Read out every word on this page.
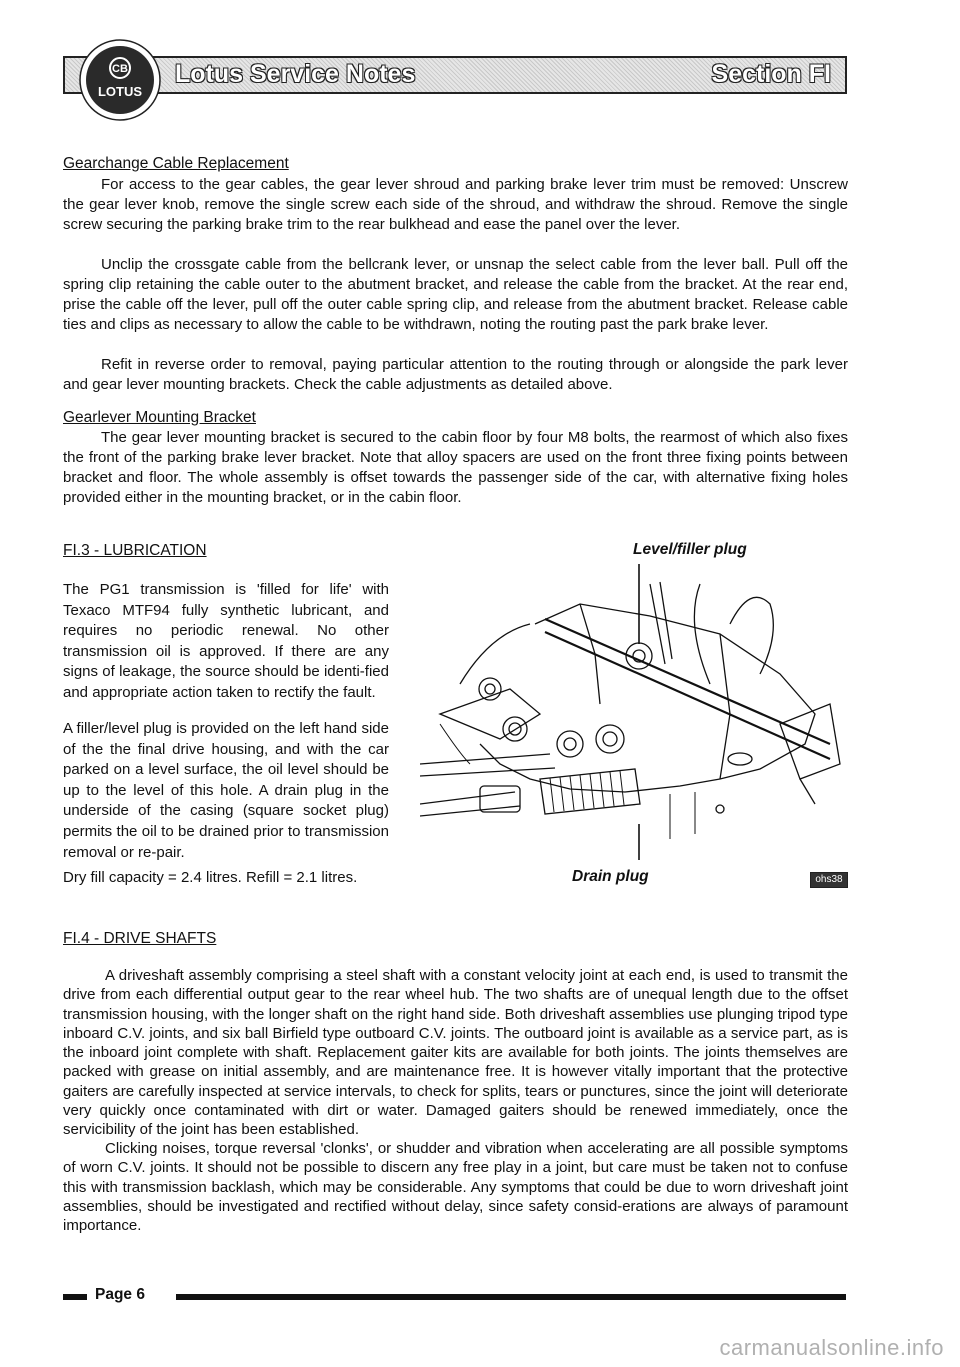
Lotus Service Notes	Section FI
CB
LOTUS
Gearchange Cable Replacement

For access to the gear cables, the gear lever shroud and parking brake lever trim must be removed: Unscrew the gear lever knob, remove the single screw each side of the shroud, and withdraw the shroud. Remove the single screw securing the parking brake trim to the rear bulkhead and ease the panel over the lever.

Unclip the crossgate cable from the bellcrank lever, or unsnap the select cable from the lever ball. Pull off the spring clip retaining the cable outer to the abutment bracket, and release the cable from the bracket. At the rear end, prise the cable off the lever, pull off the outer cable spring clip, and release from the abutment bracket. Release cable ties and clips as necessary to allow the cable to be withdrawn, noting the routing past the park brake lever.

Refit in reverse order to removal, paying particular attention to the routing through or alongside the park lever and gear lever mounting brackets. Check the cable adjustments as detailed above.

Gearlever Mounting Bracket

The gear lever mounting bracket is secured to the cabin floor by four M8 bolts, the rearmost of which also fixes the front of the parking brake lever bracket. Note that alloy spacers are used on the front three fixing points between bracket and floor. The whole assembly is offset towards the passenger side of the car, with alternative fixing holes provided either in the mounting bracket, or in the cabin floor.

FI.3 - LUBRICATION

The PG1 transmission is 'filled for life' with Texaco MTF94 fully synthetic lubricant, and requires no periodic renewal. No other transmission oil is approved. If there are any signs of leakage, the source should be identi-fied and appropriate action taken to rectify the fault.

A filler/level plug is provided on the left hand side of the the final drive housing, and with the car parked on a level surface, the oil level should be up to the level of this hole. A drain plug in the underside of the casing (square socket plug) permits the oil to be drained prior to transmission removal or re-pair.

Dry fill capacity = 2.4 litres. Refill = 2.1 litres.

Level/filler plug
Drain plug	ohs38
FI.4 - DRIVE SHAFTS

A driveshaft assembly comprising a steel shaft with a constant velocity joint at each end, is used to transmit the drive from each differential output gear to the rear wheel hub. The two shafts are of unequal length due to the offset transmission housing, with the longer shaft on the right hand side. Both driveshaft assemblies use plunging tripod type inboard C.V. joints, and six ball Birfield type outboard C.V. joints. The outboard joint is available as a service part, as is the inboard joint complete with shaft. Replacement gaiter kits are available for both joints. The joints themselves are packed with grease on initial assembly, and are maintenance free. It is however vitally important that the protective gaiters are carefully inspected at service intervals, to check for splits, tears or punctures, since the joint will deteriorate very quickly once contaminated with dirt or water. Damaged gaiters should be renewed immediately, once the servicibility of the joint has been established.

Clicking noises, torque reversal 'clonks', or shudder and vibration when accelerating are all possible symptoms of worn C.V. joints. It should not be possible to discern any free play in a joint, but care must be taken not to confuse this with transmission backlash, which may be considerable. Any symptoms that could be due to worn driveshaft joint assemblies, should be investigated and rectified without delay, since safety consid-erations are always of paramount importance.

Page 6
carmanualsonline.info
